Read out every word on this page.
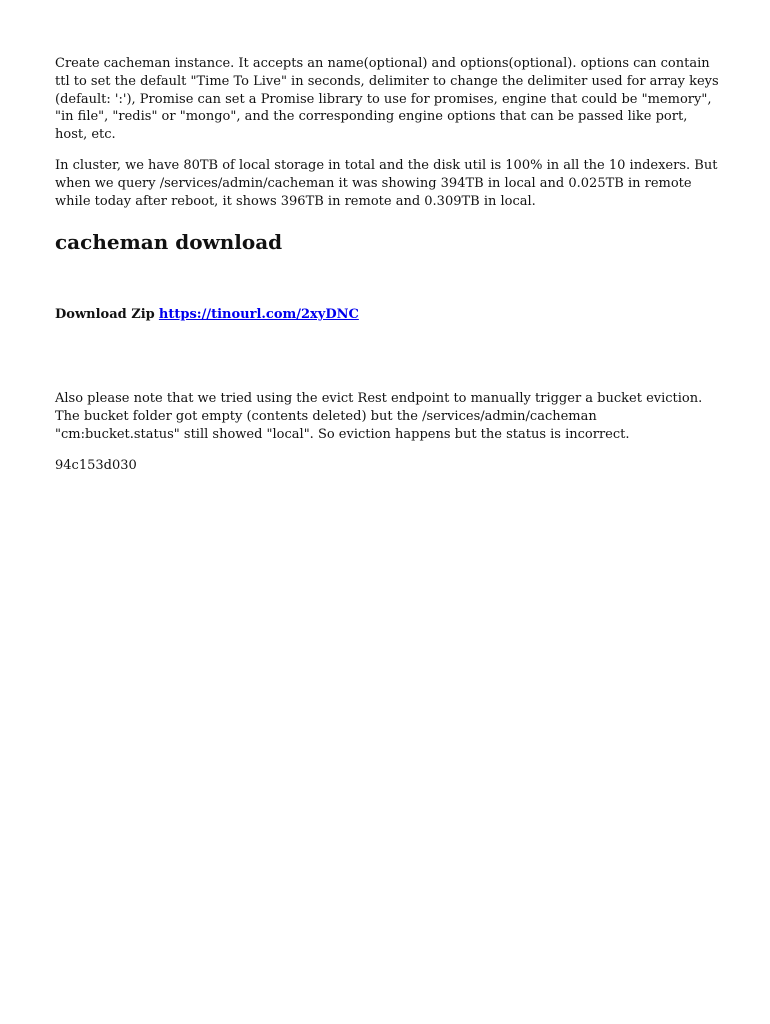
Create cacheman instance. It accepts an name(optional) and options(optional). options can contain ttl to set the default "Time To Live" in seconds, delimiter to change the delimiter used for array keys (default: ':'), Promise can set a Promise library to use for promises, engine that could be "memory", "in file", "redis" or "mongo", and the corresponding engine options that can be passed like port, host, etc.

In cluster, we have 80TB of local storage in total and the disk util is 100% in all the 10 indexers. But when we query /services/admin/cacheman it was showing 394TB in local and 0.025TB in remote while today after reboot, it shows 396TB in remote and 0.309TB in local.

cacheman download
Download Zip https://tinourl.com/2xyDNC

Also please note that we tried using the evict Rest endpoint to manually trigger a bucket eviction. The bucket folder got empty (contents deleted) but the /services/admin/cacheman "cm:bucket.status" still showed "local". So eviction happens but the status is incorrect.

94c153d030
